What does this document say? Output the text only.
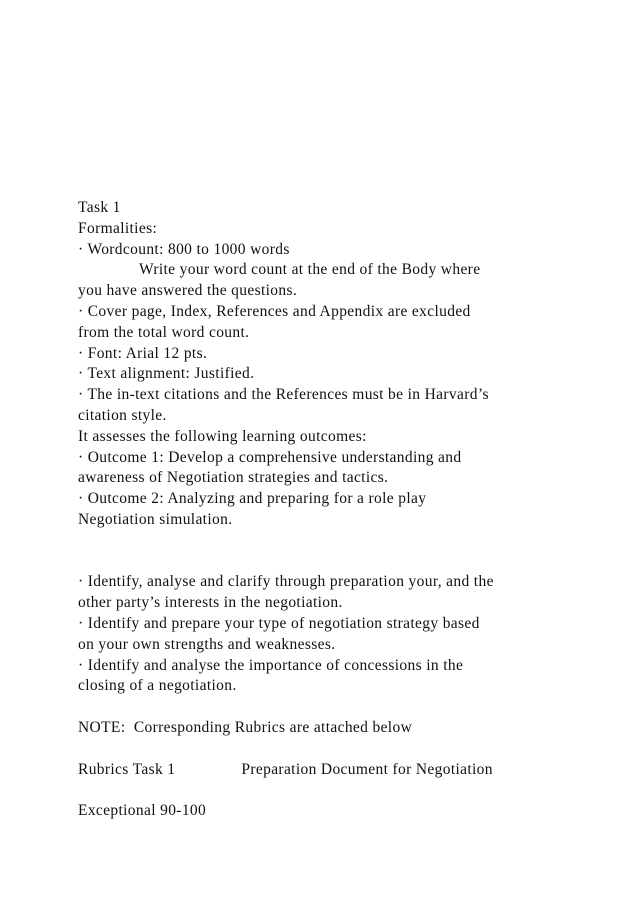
Task 1
Formalities:
· Wordcount: 800 to 1000 words
Write your word count at the end of the Body where
you have answered the questions.
· Cover page, Index, References and Appendix are excluded
from the total word count.
· Font: Arial 12 pts.
· Text alignment: Justified.
· The in-text citations and the References must be in Harvard’s
citation style.
It assesses the following learning outcomes:
· Outcome 1: Develop a comprehensive understanding and
awareness of Negotiation strategies and tactics.
· Outcome 2: Analyzing and preparing for a role play
Negotiation simulation.
· Identify, analyse and clarify through preparation your, and the
other party’s interests in the negotiation.
· Identify and prepare your type of negotiation strategy based
on your own strengths and weaknesses.
· Identify and analyse the importance of concessions in the
closing of a negotiation.
NOTE:  Corresponding Rubrics are attached below
Rubrics Task 1	Preparation Document for Negotiation
Exceptional 90-100
